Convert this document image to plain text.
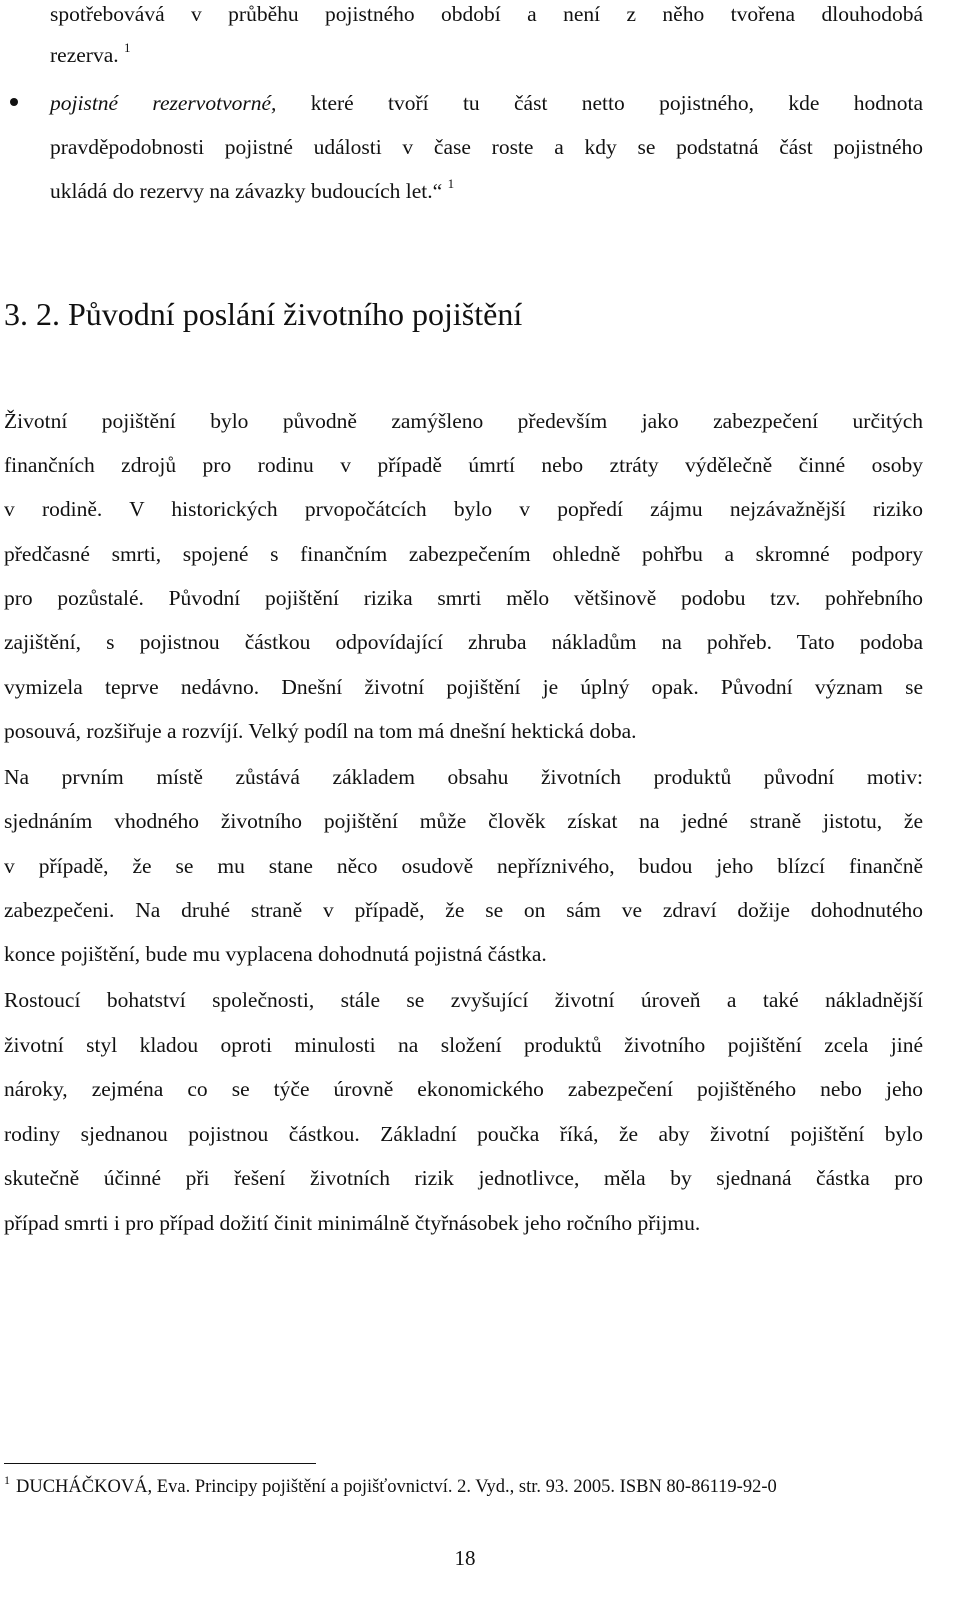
spotřebovává v průběhu pojistného období a není z něho tvořena dlouhodobá
rezerva. $^1$
pojistné rezervotvorné, které tvoří tu část netto pojistného, kde hodnota
pravděpodobnosti pojistné události v čase roste a kdy se podstatná část pojistného
ukládá do rezervy na závazky budoucích let.“ $^1$
3. 2. Původní poslání životního pojištění
Životní pojištění bylo původně zamýšleno především jako zabezpečení určitých
finančních zdrojů pro rodinu v případě úmrtí nebo ztráty výdělečně činné osoby
v rodině. V historických prvopočátcích bylo v popředí zájmu nejzávažnější riziko
předčasné smrti, spojené s finančním zabezpečením ohledně pohřbu a skromné podpory
pro pozůstalé. Původní pojištění rizika smrti mělo většinově podobu tzv. pohřebního
zajištění, s pojistnou částkou odpovídající zhruba nákladům na pohřeb. Tato podoba
vymizela teprve nedávno. Dnešní životní pojištění je úplný opak. Původní význam se
posouvá, rozšiřuje a rozvíjí. Velký podíl na tom má dnešní hektická doba.
Na prvním místě zůstává základem obsahu životních produktů původní motiv:
sjednáním vhodného životního pojištění může člověk získat na jedné straně jistotu, že
v případě, že se mu stane něco osudově nepříznivého, budou jeho blízcí finančně
zabezpečeni. Na druhé straně v případě, že se on sám ve zdraví dožije dohodnutého
konce pojištění, bude mu vyplacena dohodnutá pojistná částka.
Rostoucí bohatství společnosti, stále se zvyšující životní úroveň a také nákladnější
životní styl kladou oproti minulosti na složení produktů životního pojištění zcela jiné
nároky, zejména co se týče úrovně ekonomického zabezpečení pojištěného nebo jeho
rodiny sjednanou pojistnou částkou. Základní poučka říká, že aby životní pojištění bylo
skutečně účinné při řešení životních rizik jednotlivce, měla by sjednaná částka pro
případ smrti i pro případ dožití činit minimálně čtyřnásobek jeho ročního přijmu.
$^1$ DUCHÁČKOVÁ, Eva. Principy pojištění a pojišťovnictví. 2. Vyd., str. 93. 2005. ISBN 80-86119-92-0
18
